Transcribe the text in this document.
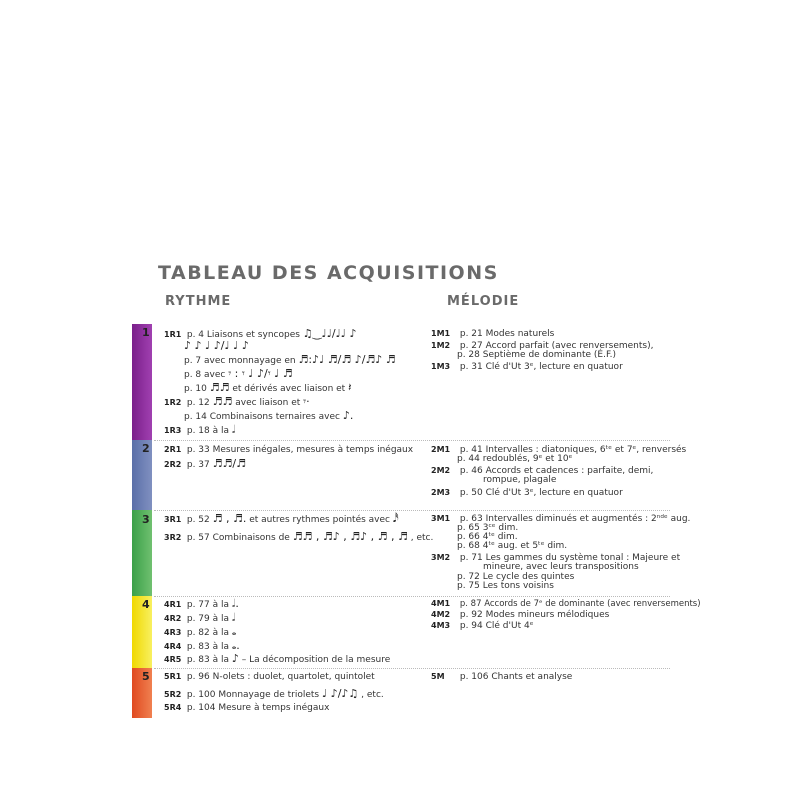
TABLEAU DES ACQUISITIONS
RYTHME	MÉLODIE
1
2
3
4
5
1R1 p. 4 Liaisons et syncopes ♫‿♩♩/♩♩ ♪
♪ ♪ ♩ ♪/♩ ♩ ♪
p. 7 avec monnayage en ♬:♪♩ ♬/♬ ♪/♬♪ ♬
p. 8 avec 𝄾 : 𝄾 ♩ ♪/𝄾 ♩ ♬
p. 10 ♬♬ et dérivés avec liaison et 𝄽
1R2 p. 12 ♬♬ avec liaison et 𝄾·
p. 14 Combinaisons ternaires avec ♪.
1R3 p. 18 à la 𝅗𝅥
2R1 p. 33 Mesures inégales, mesures à temps inégaux
2R2 p. 37 ♬♬/♬
3R1 p. 52 ♬ , ♬. et autres rythmes pointés avec 𝅘𝅥𝅰
3R2 p. 57 Combinaisons de ♬♬ , ♬♪ , ♬♪ , ♬ , ♬ , etc.
4R1 p. 77 à la 𝅗𝅥.
4R2 p. 79 à la 𝅗𝅥
4R3 p. 82 à la 𝅝
4R4 p. 83 à la 𝅝.
4R5 p. 83 à la ♪ – La décomposition de la mesure
5R1 p. 96 N-olets : duolet, quartolet, quintolet
5R2 p. 100 Monnayage de triolets ♩ ♪/♪♫ , etc.
5R4 p. 104 Mesure à temps inégaux
1M1 p. 21 Modes naturels
1M2 p. 27 Accord parfait (avec renversements),
p. 28 Septième de dominante (É.F.)
1M3 p. 31 Clé d'Ut 3ᵉ, lecture en quatuor
2M1 p. 41 Intervalles : diatoniques, 6ᵗᵉ et 7ᵉ, renversés
p. 44 redoublés, 9ᵉ et 10ᵉ
2M2 p. 46 Accords et cadences : parfaite, demi,
rompue, plagale
2M3 p. 50 Clé d'Ut 3ᵉ, lecture en quatuor
3M1 p. 63 Intervalles diminués et augmentés : 2ⁿᵈᵉ aug.
p. 65 3ᶜᵉ dim.
p. 66 4ᵗᵉ dim.
p. 68 4ᵗᵉ aug. et 5ᵗᵉ dim.
3M2 p. 71 Les gammes du système tonal : Majeure et
mineure, avec leurs transpositions
p. 72 Le cycle des quintes
p. 75 Les tons voisins
4M1 p. 87 Accords de 7ᵉ de dominante (avec renversements)
4M2 p. 92 Modes mineurs mélodiques
4M3 p. 94 Clé d'Ut 4ᵉ
5M p. 106 Chants et analyse
